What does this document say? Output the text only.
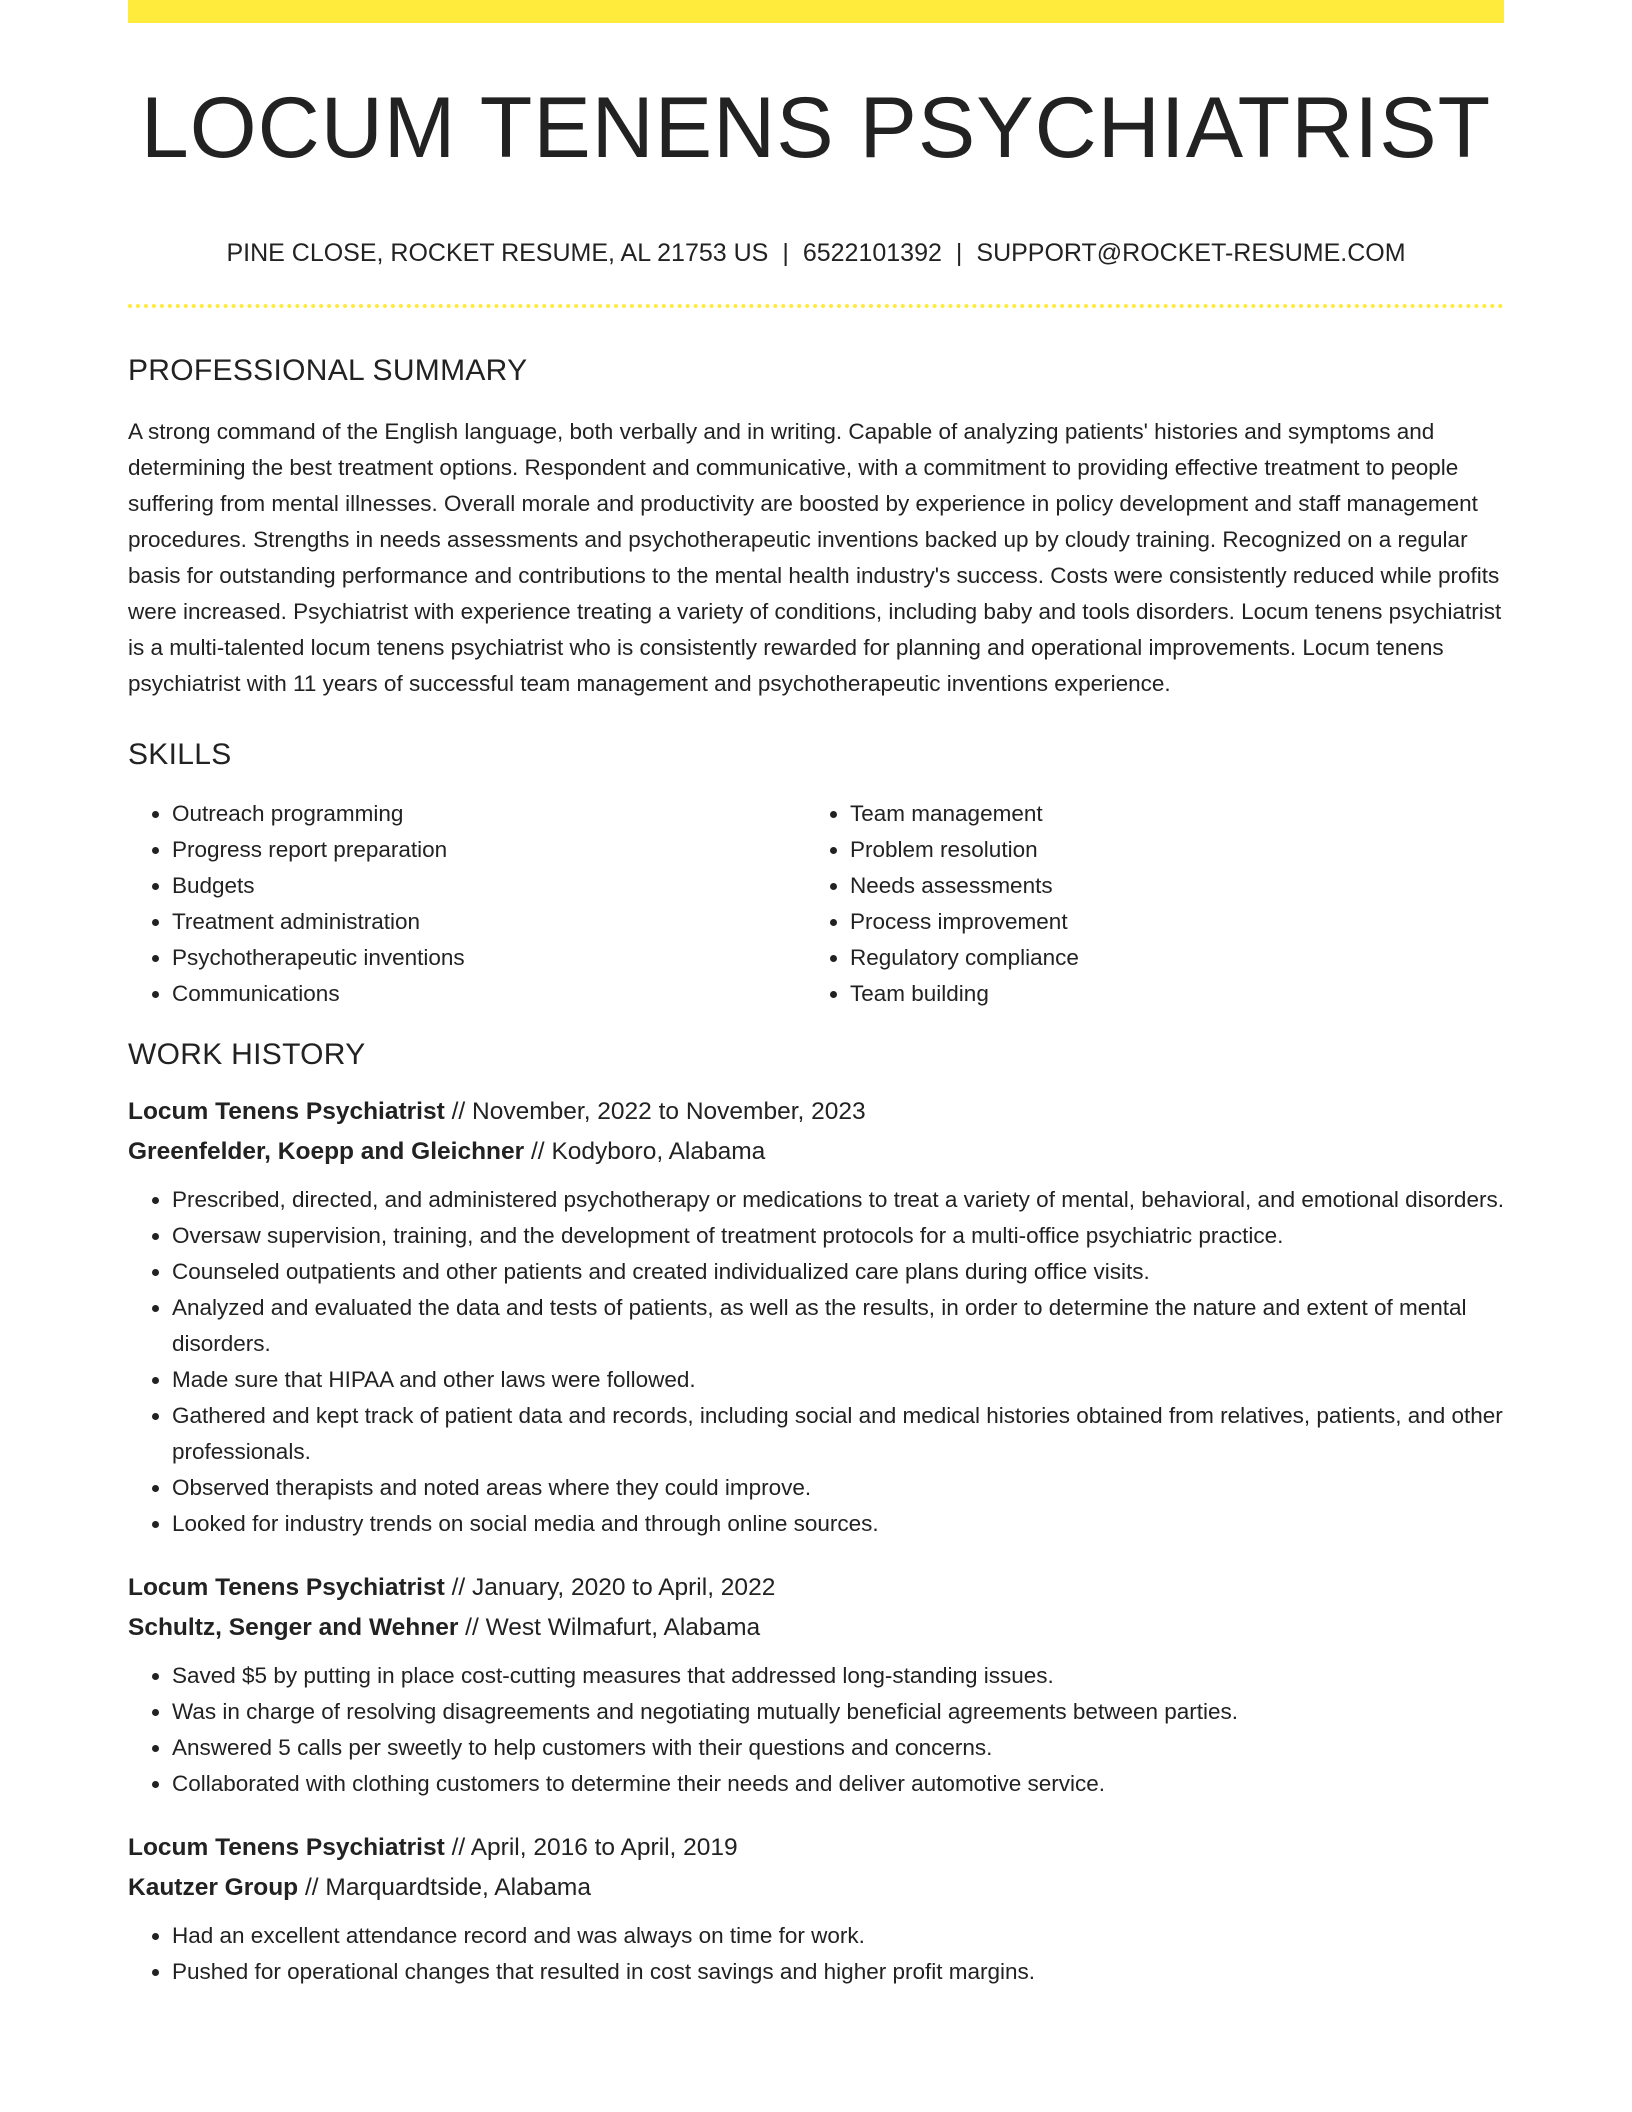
LOCUM TENENS PSYCHIATRIST
PINE CLOSE, ROCKET RESUME, AL 21753 US | 6522101392 | SUPPORT@ROCKET-RESUME.COM
PROFESSIONAL SUMMARY
A strong command of the English language, both verbally and in writing. Capable of analyzing patients' histories and symptoms and determining the best treatment options. Respondent and communicative, with a commitment to providing effective treatment to people suffering from mental illnesses. Overall morale and productivity are boosted by experience in policy development and staff management procedures. Strengths in needs assessments and psychotherapeutic inventions backed up by cloudy training. Recognized on a regular basis for outstanding performance and contributions to the mental health industry's success. Costs were consistently reduced while profits were increased. Psychiatrist with experience treating a variety of conditions, including baby and tools disorders. Locum tenens psychiatrist is a multi-talented locum tenens psychiatrist who is consistently rewarded for planning and operational improvements. Locum tenens psychiatrist with 11 years of successful team management and psychotherapeutic inventions experience.
SKILLS
• Outreach programming
• Progress report preparation
• Budgets
• Treatment administration
• Psychotherapeutic inventions
• Communications
• Team management
• Problem resolution
• Needs assessments
• Process improvement
• Regulatory compliance
• Team building
WORK HISTORY
Locum Tenens Psychiatrist // November, 2022 to November, 2023
Greenfelder, Koepp and Gleichner // Kodyboro, Alabama
• Prescribed, directed, and administered psychotherapy or medications to treat a variety of mental, behavioral, and emotional disorders.
• Oversaw supervision, training, and the development of treatment protocols for a multi-office psychiatric practice.
• Counseled outpatients and other patients and created individualized care plans during office visits.
• Analyzed and evaluated the data and tests of patients, as well as the results, in order to determine the nature and extent of mental disorders.
• Made sure that HIPAA and other laws were followed.
• Gathered and kept track of patient data and records, including social and medical histories obtained from relatives, patients, and other professionals.
• Observed therapists and noted areas where they could improve.
• Looked for industry trends on social media and through online sources.
Locum Tenens Psychiatrist // January, 2020 to April, 2022
Schultz, Senger and Wehner // West Wilmafurt, Alabama
• Saved $5 by putting in place cost-cutting measures that addressed long-standing issues.
• Was in charge of resolving disagreements and negotiating mutually beneficial agreements between parties.
• Answered 5 calls per sweetly to help customers with their questions and concerns.
• Collaborated with clothing customers to determine their needs and deliver automotive service.
Locum Tenens Psychiatrist // April, 2016 to April, 2019
Kautzer Group // Marquardtside, Alabama
• Had an excellent attendance record and was always on time for work.
• Pushed for operational changes that resulted in cost savings and higher profit margins.
